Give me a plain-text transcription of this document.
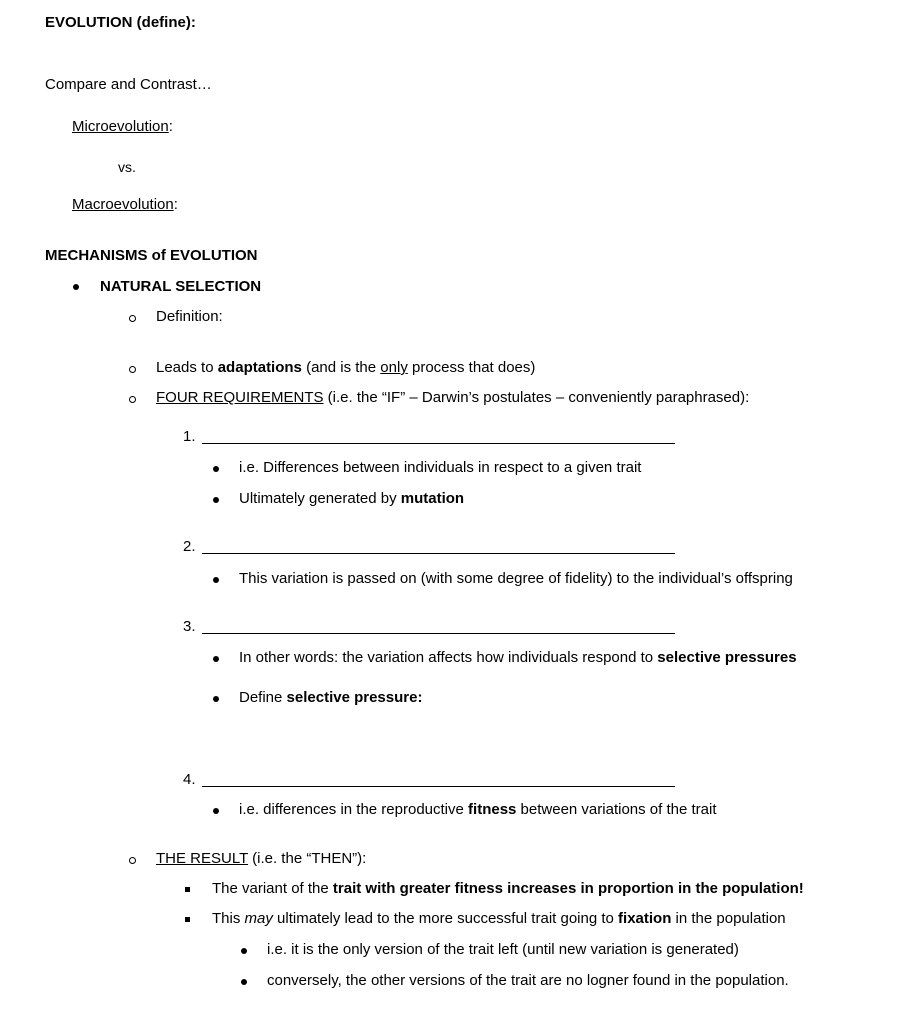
EVOLUTION (define):
Compare and Contrast…
Microevolution:
vs.
Macroevolution:
MECHANISMS of EVOLUTION
NATURAL SELECTION
Definition:
Leads to adaptations (and is the only process that does)
FOUR REQUIREMENTS (i.e. the “IF” – Darwin’s postulates – conveniently paraphrased):
1.
i.e. Differences between individuals in respect to a given trait
Ultimately generated by mutation
2.
This variation is passed on (with some degree of fidelity) to the individual’s offspring
3.
In other words: the variation affects how individuals respond to selective pressures
Define selective pressure:
4.
i.e. differences in the reproductive fitness between variations of the trait
THE RESULT (i.e. the “THEN”):
The variant of the trait with greater fitness increases in proportion in the population!
This may ultimately lead to the more successful trait going to fixation in the population
i.e. it is the only version of the trait left (until new variation is generated)
conversely, the other versions of the trait are no logner found in the population.
